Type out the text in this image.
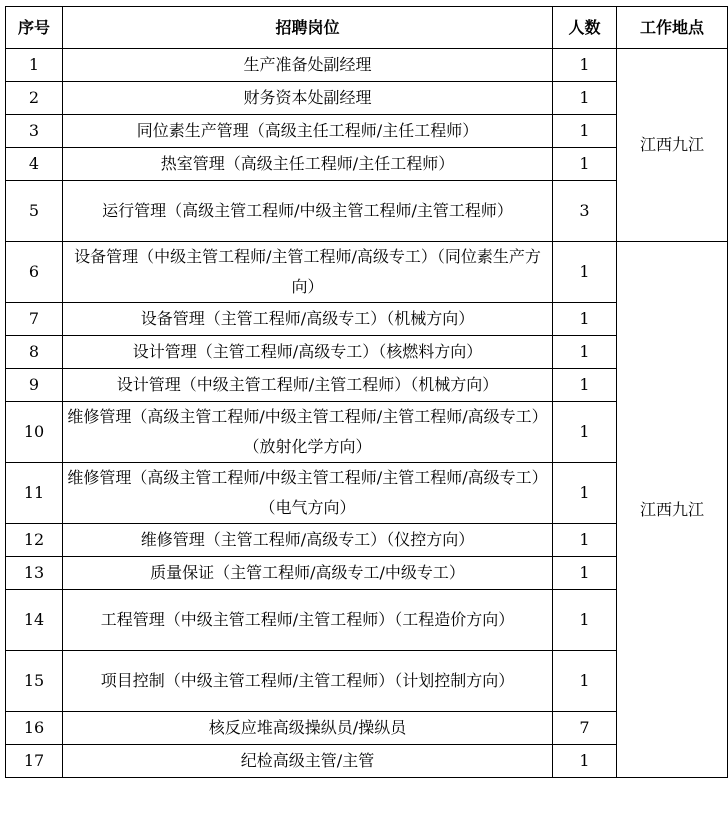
序号	招聘岗位	人数	工作地点
1	生产准备处副经理	1	江西九江
2	财务资本处副经理	1	
3	同位素生产管理（高级主任工程师/主任工程师）	1	
4	热室管理（高级主任工程师/主任工程师）	1	
5	运行管理（高级主管工程师/中级主管工程师/主管工程师）	3	
6	设备管理（中级主管工程师/主管工程师/高级专工）（同位素生产方向）	1	江西九江
7	设备管理（主管工程师/高级专工）（机械方向）	1	
8	设计管理（主管工程师/高级专工）（核燃料方向）	1	
9	设计管理（中级主管工程师/主管工程师）（机械方向）	1	
10	维修管理（高级主管工程师/中级主管工程师/主管工程师/高级专工）（放射化学方向）	1	
11	维修管理（高级主管工程师/中级主管工程师/主管工程师/高级专工）（电气方向）	1	
12	维修管理（主管工程师/高级专工）（仪控方向）	1	
13	质量保证（主管工程师/高级专工/中级专工）	1	
14	工程管理（中级主管工程师/主管工程师）（工程造价方向）	1	
15	项目控制（中级主管工程师/主管工程师）（计划控制方向）	1	
16	核反应堆高级操纵员/操纵员	7	
17	纪检高级主管/主管	1	
